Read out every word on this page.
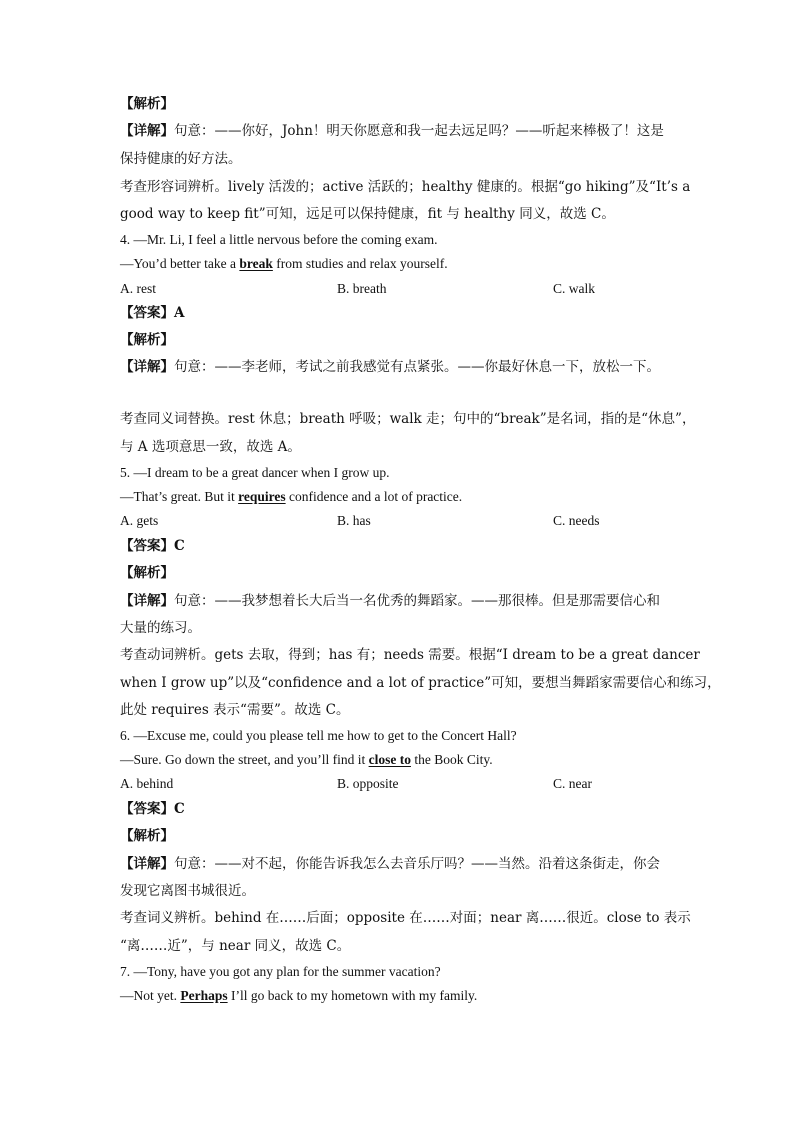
【解析】
【详解】句意：——你好，John！明天你愿意和我一起去远足吗？——听起来棒极了！这是
保持健康的好方法。
考查形容词辨析。lively 活泼的；active 活跃的；healthy 健康的。根据“go hiking”及“It’s a
good way to keep fit”可知，远足可以保持健康，fit 与 healthy 同义，故选 C。
4. —Mr. Li, I feel a little nervous before the coming exam.
—You’d better take a break from studies and relax yourself.
A. rest	B. breath	C. walk
【答案】A
【解析】
【详解】句意：——李老师，考试之前我感觉有点紧张。——你最好休息一下，放松一下。
考查同义词替换。rest 休息；breath 呼吸；walk 走；句中的“break”是名词，指的是“休息”，
与 A 选项意思一致，故选 A。
5. —I dream to be a great dancer when I grow up.
—That’s great. But it requires confidence and a lot of practice.
A. gets	B. has	C. needs
【答案】C
【解析】
【详解】句意：——我梦想着长大后当一名优秀的舞蹈家。——那很棒。但是那需要信心和
大量的练习。
考查动词辨析。gets 去取，得到；has 有；needs 需要。根据“I dream to be a great dancer
when I grow up”以及“confidence and a lot of practice”可知，要想当舞蹈家需要信心和练习，
此处 requires 表示“需要”。故选 C。
6. —Excuse me, could you please tell me how to get to the Concert Hall?
—Sure. Go down the street, and you’ll find it close to the Book City.
A. behind	B. opposite	C. near
【答案】C
【解析】
【详解】句意：——对不起，你能告诉我怎么去音乐厅吗？——当然。沿着这条街走，你会
发现它离图书城很近。
考查词义辨析。behind 在……后面；opposite 在……对面；near 离……很近。close to 表示
“离……近”，与 near 同义，故选 C。
7. —Tony, have you got any plan for the summer vacation?
—Not yet. Perhaps I’ll go back to my hometown with my family.
